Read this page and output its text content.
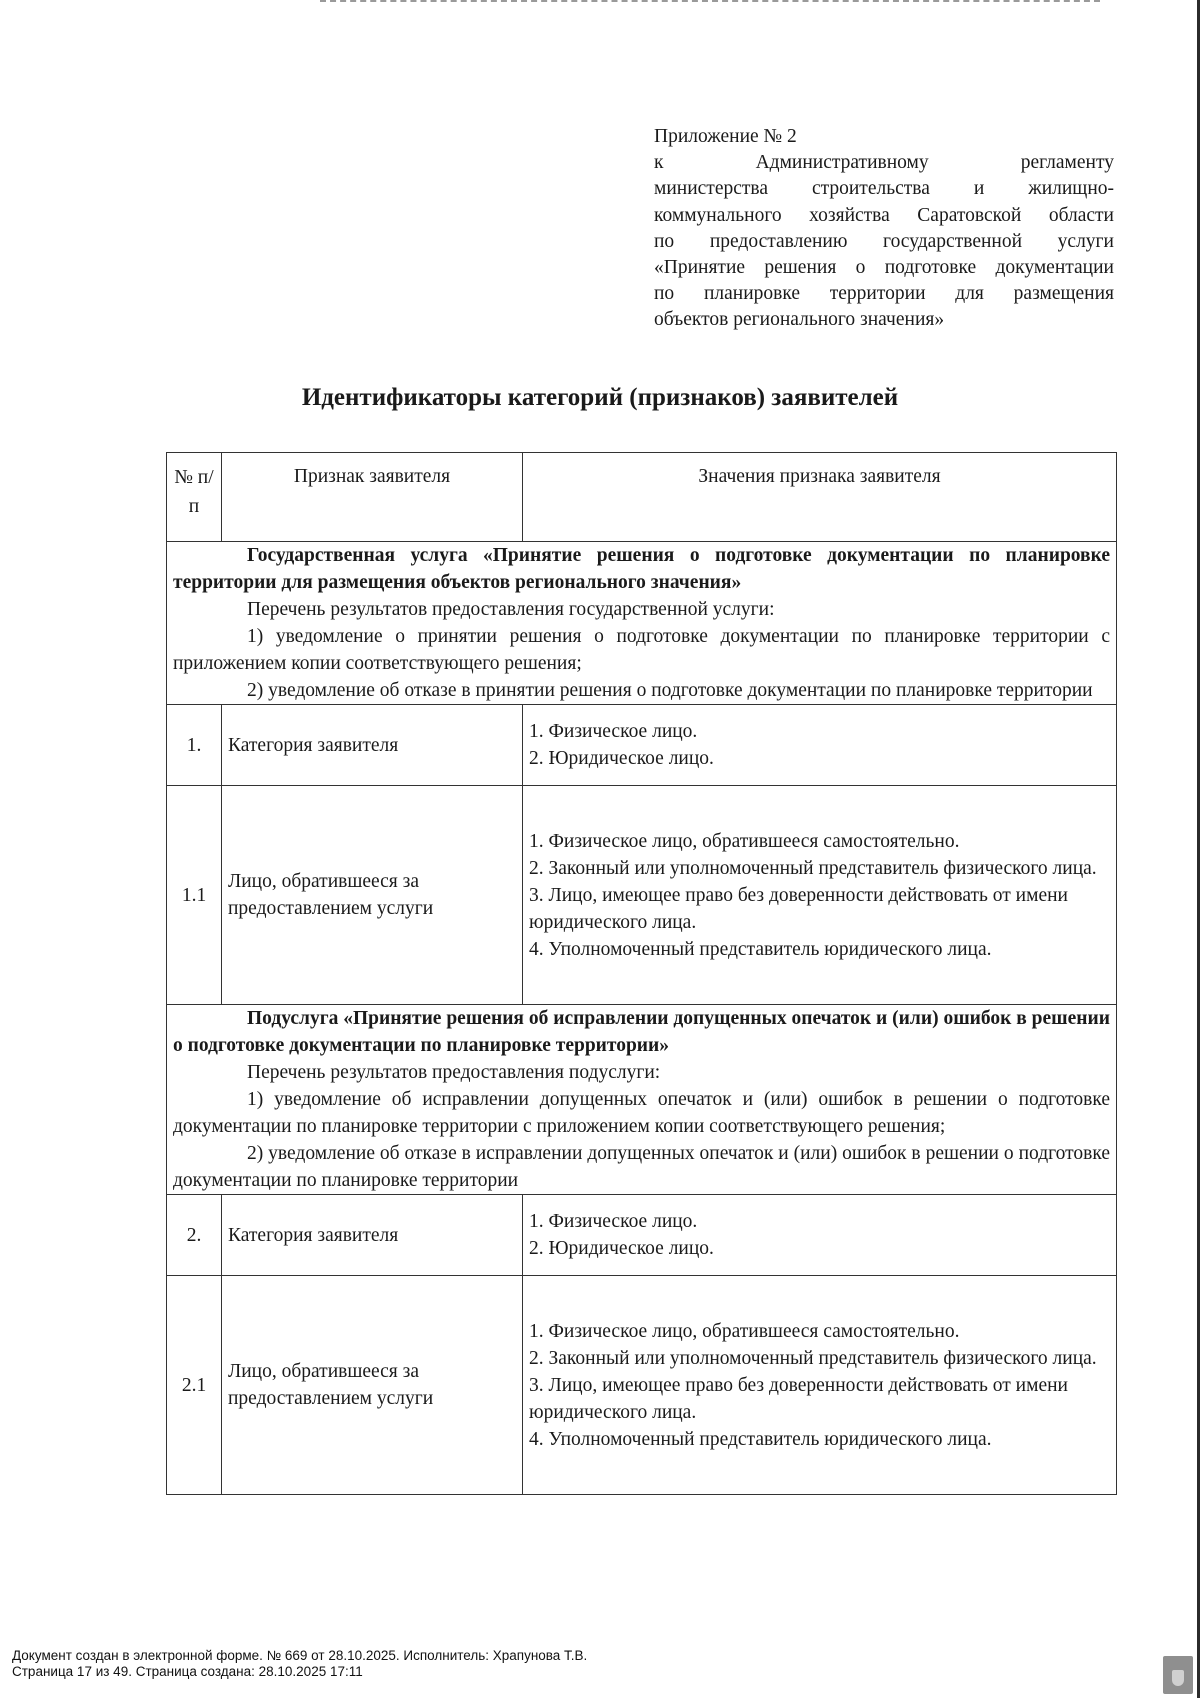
Приложение № 2
к Административному регламенту
министерства строительства и жилищно-
коммунального хозяйства Саратовской области
по предоставлению государственной услуги
«Принятие решения о подготовке документации
по планировке территории для размещения
объектов регионального значения»
Идентификаторы категорий (признаков) заявителей
№ п/п	Признак заявителя	Значения признака заявителя

Государственная услуга «Принятие решения о подготовке документации по планировке территории для размещения объектов регионального значения»
Перечень результатов предоставления государственной услуги:
1) уведомление о принятии решения о подготовке документации по планировке территории с приложением копии соответствующего решения;
2) уведомление об отказе в принятии решения о подготовке документации по планировке территории		

1.	Категория заявителя	1. Физическое лицо.
2. Юридическое лицо.

1.1	Лицо, обратившееся за предоставлением услуги	1. Физическое лицо, обратившееся самостоятельно.
2. Законный или уполномоченный представитель физического лица.
3. Лицо, имеющее право без доверенности действовать от имени юридического лица.
4. Уполномоченный представитель юридического лица.

Подуслуга «Принятие решения об исправлении допущенных опечаток и (или) ошибок в решении о подготовке документации по планировке территории»
Перечень результатов предоставления подуслуги:
1) уведомление об исправлении допущенных опечаток и (или) ошибок в решении о подготовке документации по планировке территории с приложением копии соответствующего решения;
2) уведомление об отказе в исправлении допущенных опечаток и (или) ошибок в решении о подготовке документации по планировке территории		

2.	Категория заявителя	1. Физическое лицо.
2. Юридическое лицо.

2.1	Лицо, обратившееся за предоставлением услуги	1. Физическое лицо, обратившееся самостоятельно.
2. Законный или уполномоченный представитель физического лица.
3. Лицо, имеющее право без доверенности действовать от имени юридического лица.
4. Уполномоченный представитель юридического лица.
Документ создан в электронной форме. № 669 от 28.10.2025. Исполнитель: Храпунова Т.В.
Страница 17 из 49. Страница создана: 28.10.2025 17:11
